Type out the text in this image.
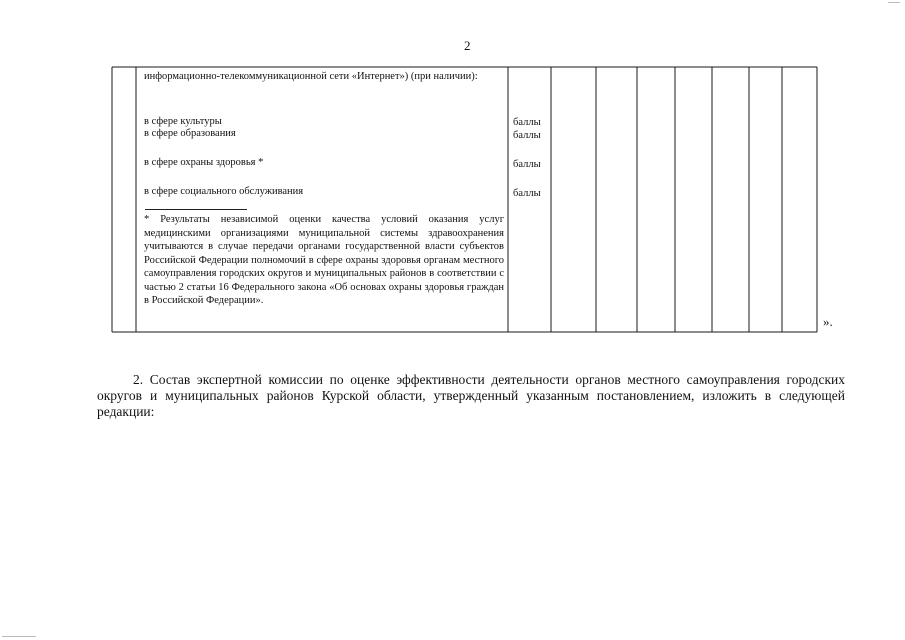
2
информационно-телекоммуникационной сети «Интернет») (при наличии):
в сфере культуры	баллы
в сфере образования	баллы
в сфере охраны здоровья *	баллы
в сфере социального обслуживания	баллы
* Результаты независимой оценки качества условий оказания услуг медицинскими организациями муниципальной системы здравоохранения учитываются в случае передачи органами государственной власти субъектов Российской Федерации полномочий в сфере охраны здоровья органам местного самоуправления городских округов и муниципальных районов в соответствии с частью 2 статьи 16 Федерального закона «Об основах охраны здоровья граждан в Российской Федерации».
».
2. Состав экспертной комиссии по оценке эффективности деятельности органов местного самоуправления городских округов и муниципальных районов Курской области, утвержденный указанным постановлением, изложить в следующей редакции:
